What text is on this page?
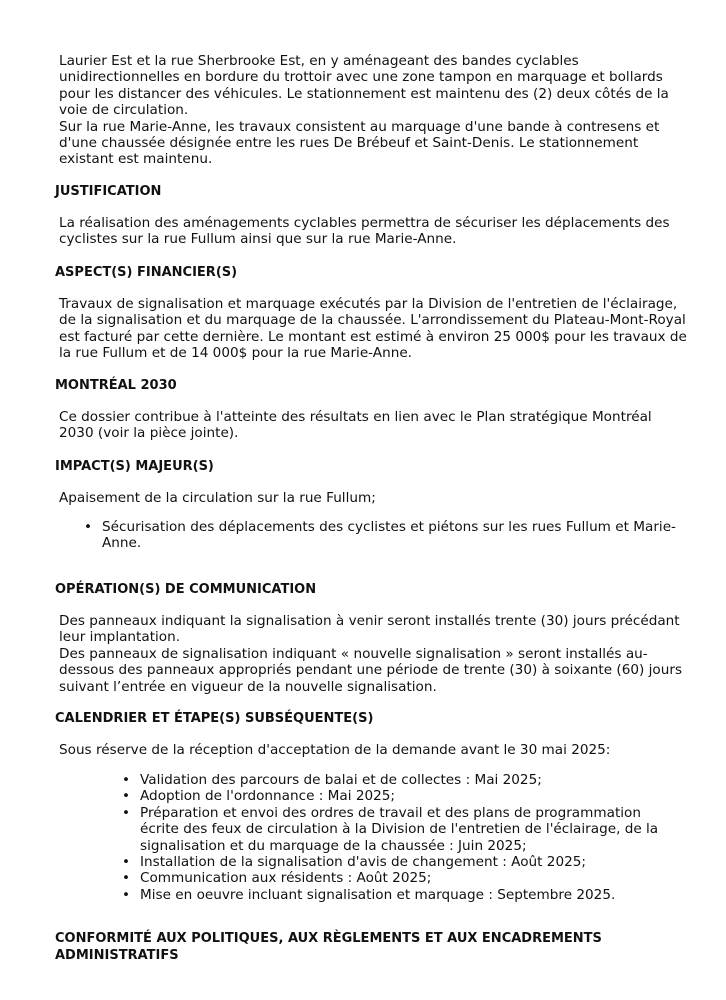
Laurier Est et la rue Sherbrooke Est, en y aménageant des bandes cyclables unidirectionnelles en bordure du trottoir avec une zone tampon en marquage et bollards pour les distancer des véhicules. Le stationnement est maintenu des (2) deux côtés de la voie de circulation.

Sur la rue Marie-Anne, les travaux consistent au marquage d'une bande à contresens et d'une chaussée désignée entre les rues De Brébeuf et Saint-Denis. Le stationnement existant est maintenu.

JUSTIFICATION

La réalisation des aménagements cyclables permettra de sécuriser les déplacements des cyclistes sur la rue Fullum ainsi que sur la rue Marie-Anne.

ASPECT(S) FINANCIER(S)

Travaux de signalisation et marquage exécutés par la Division de l'entretien de l'éclairage, de la signalisation et du marquage de la chaussée. L'arrondissement du Plateau-Mont-Royal est facturé par cette dernière. Le montant est estimé à environ 25 000$ pour les travaux de la rue Fullum et de 14 000$ pour la rue Marie-Anne.

MONTRÉAL 2030

Ce dossier contribue à l'atteinte des résultats en lien avec le Plan stratégique Montréal 2030 (voir la pièce jointe).

IMPACT(S) MAJEUR(S)

Apaisement de la circulation sur la rue Fullum;

• Sécurisation des déplacements des cyclistes et piétons sur les rues Fullum et Marie-Anne.
OPÉRATION(S) DE COMMUNICATION

Des panneaux indiquant la signalisation à venir seront installés trente (30) jours précédant leur implantation.

Des panneaux de signalisation indiquant « nouvelle signalisation » seront installés au-dessous des panneaux appropriés pendant une période de trente (30) à soixante (60) jours suivant l’entrée en vigueur de la nouvelle signalisation.

CALENDRIER ET ÉTAPE(S) SUBSÉQUENTE(S)

Sous réserve de la réception d'acceptation de la demande avant le 30 mai 2025:

• Validation des parcours de balai et de collectes : Mai 2025;
• Adoption de l'ordonnance : Mai 2025;
• Préparation et envoi des ordres de travail et des plans de programmation écrite des feux de circulation à la Division de l'entretien de l'éclairage, de la signalisation et du marquage de la chaussée : Juin 2025;
• Installation de la signalisation d'avis de changement : Août 2025;
• Communication aux résidents : Août 2025;
• Mise en oeuvre incluant signalisation et marquage : Septembre 2025.
CONFORMITÉ AUX POLITIQUES, AUX RÈGLEMENTS ET AUX ENCADREMENTS ADMINISTRATIFS
